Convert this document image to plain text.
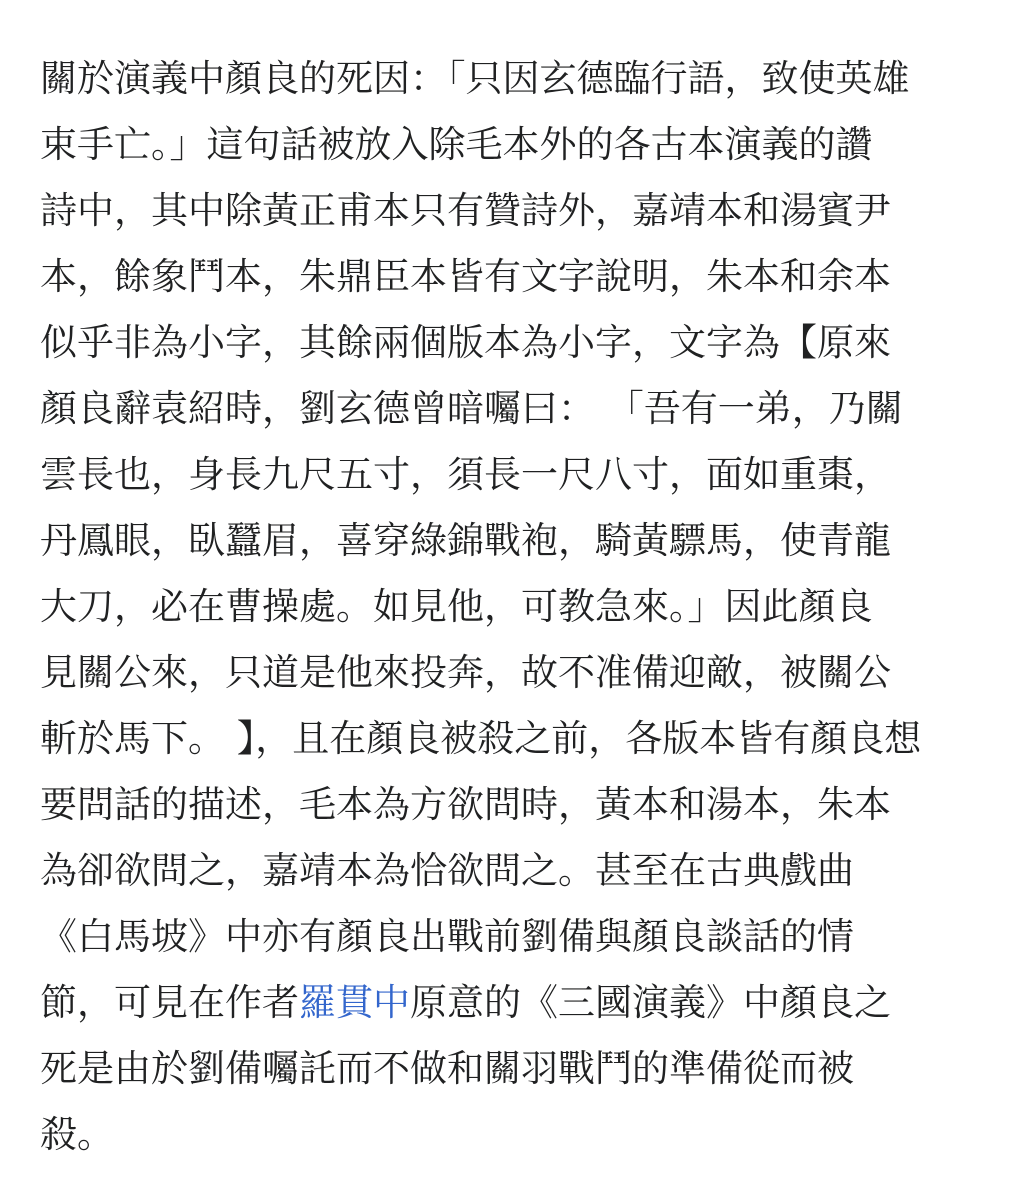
關於演義中顏良的死因：「只因玄德臨行語，致使英雄
束手亡。」這句話被放入除毛本外的各古本演義的讚
詩中，其中除黃正甫本只有贊詩外，嘉靖本和湯賓尹
本，餘象鬥本，朱鼎臣本皆有文字說明，朱本和余本
似乎非為小字，其餘兩個版本為小字，文字為【原來
顏良辭袁紹時，劉玄德曾暗囑曰： 「吾有一弟，乃關
雲長也，身長九尺五寸，須長一尺八寸，面如重棗，
丹鳳眼，臥蠶眉，喜穿綠錦戰袍，騎黃驃馬，使青龍
大刀，必在曹操處。如見他，可教急來。」因此顏良
見關公來，只道是他來投奔，故不准備迎敵，被關公
斬於馬下。 】，且在顏良被殺之前，各版本皆有顏良想
要問話的描述，毛本為方欲問時，黃本和湯本，朱本
為卻欲問之，嘉靖本為恰欲問之。甚至在古典戲曲
《白馬坡》中亦有顏良出戰前劉備與顏良談話的情
節，可見在作者羅貫中原意的《三國演義》中顏良之
死是由於劉備囑託而不做和關羽戰鬥的準備從而被
殺。
